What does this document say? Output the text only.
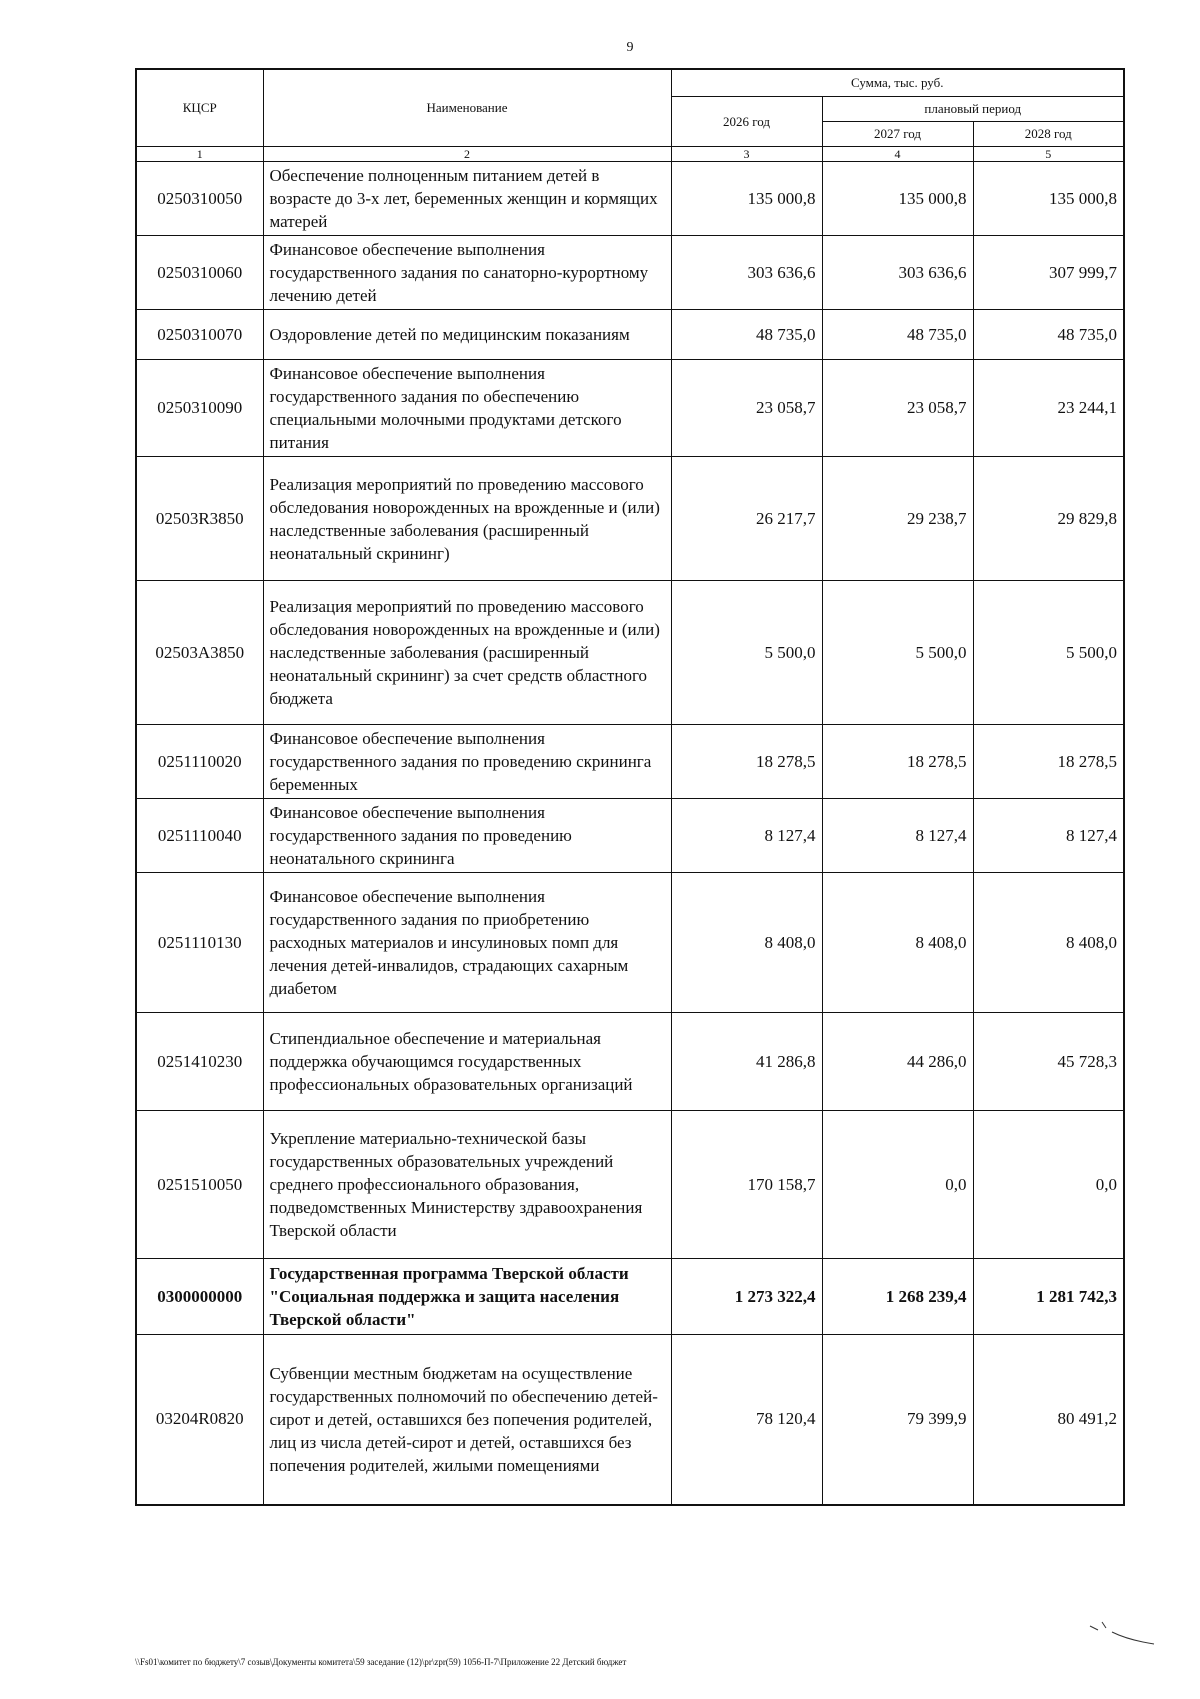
9
КЦСР	Наименование	Сумма, тыс. руб.		
		2026 год	плановый период	
			2027 год	2028 год
1	2	3	4	5
0250310050	Обеспечение полноценным питанием детей в возрасте до 3-х лет, беременных женщин и кормящих матерей	135 000,8	135 000,8	135 000,8
0250310060	Финансовое обеспечение выполнения государственного задания по санаторно-курортному лечению детей	303 636,6	303 636,6	307 999,7
0250310070	Оздоровление детей по медицинским показаниям	48 735,0	48 735,0	48 735,0
0250310090	Финансовое обеспечение выполнения государственного задания по обеспечению специальными молочными продуктами детского питания	23 058,7	23 058,7	23 244,1
02503R3850	Реализация мероприятий по проведению массового обследования новорожденных на врожденные и (или) наследственные заболевания (расширенный неонатальный скрининг)	26 217,7	29 238,7	29 829,8
02503А3850	Реализация мероприятий по проведению массового обследования новорожденных на врожденные и (или) наследственные заболевания (расширенный неонатальный скрининг) за счет средств областного бюджета	5 500,0	5 500,0	5 500,0
0251110020	Финансовое обеспечение выполнения государственного задания по проведению скрининга беременных	18 278,5	18 278,5	18 278,5
0251110040	Финансовое обеспечение выполнения государственного задания по проведению неонатального скрининга	8 127,4	8 127,4	8 127,4
0251110130	Финансовое обеспечение выполнения государственного задания по приобретению расходных материалов и инсулиновых помп для лечения детей-инвалидов, страдающих сахарным диабетом	8 408,0	8 408,0	8 408,0
0251410230	Стипендиальное обеспечение и материальная поддержка обучающимся государственных профессиональных образовательных организаций	41 286,8	44 286,0	45 728,3
0251510050	Укрепление материально-технической базы государственных образовательных учреждений среднего профессионального образования, подведомственных Министерству здравоохранения Тверской области	170 158,7	0,0	0,0
0300000000	Государственная программа Тверской области "Социальная поддержка и защита населения Тверской области"	1 273 322,4	1 268 239,4	1 281 742,3
03204R0820	Субвенции местным бюджетам на осуществление государственных полномочий по обеспечению детей-сирот и детей, оставшихся без попечения родителей, лиц из числа детей-сирот и детей, оставшихся без попечения родителей, жилыми помещениями	78 120,4	79 399,9	80 491,2
\\Fs01\комитет по бюджету\7 созыв\Документы комитета\59 заседание (12)\pr\zpr(59) 1056-П-7\Приложение 22 Детский бюджет
